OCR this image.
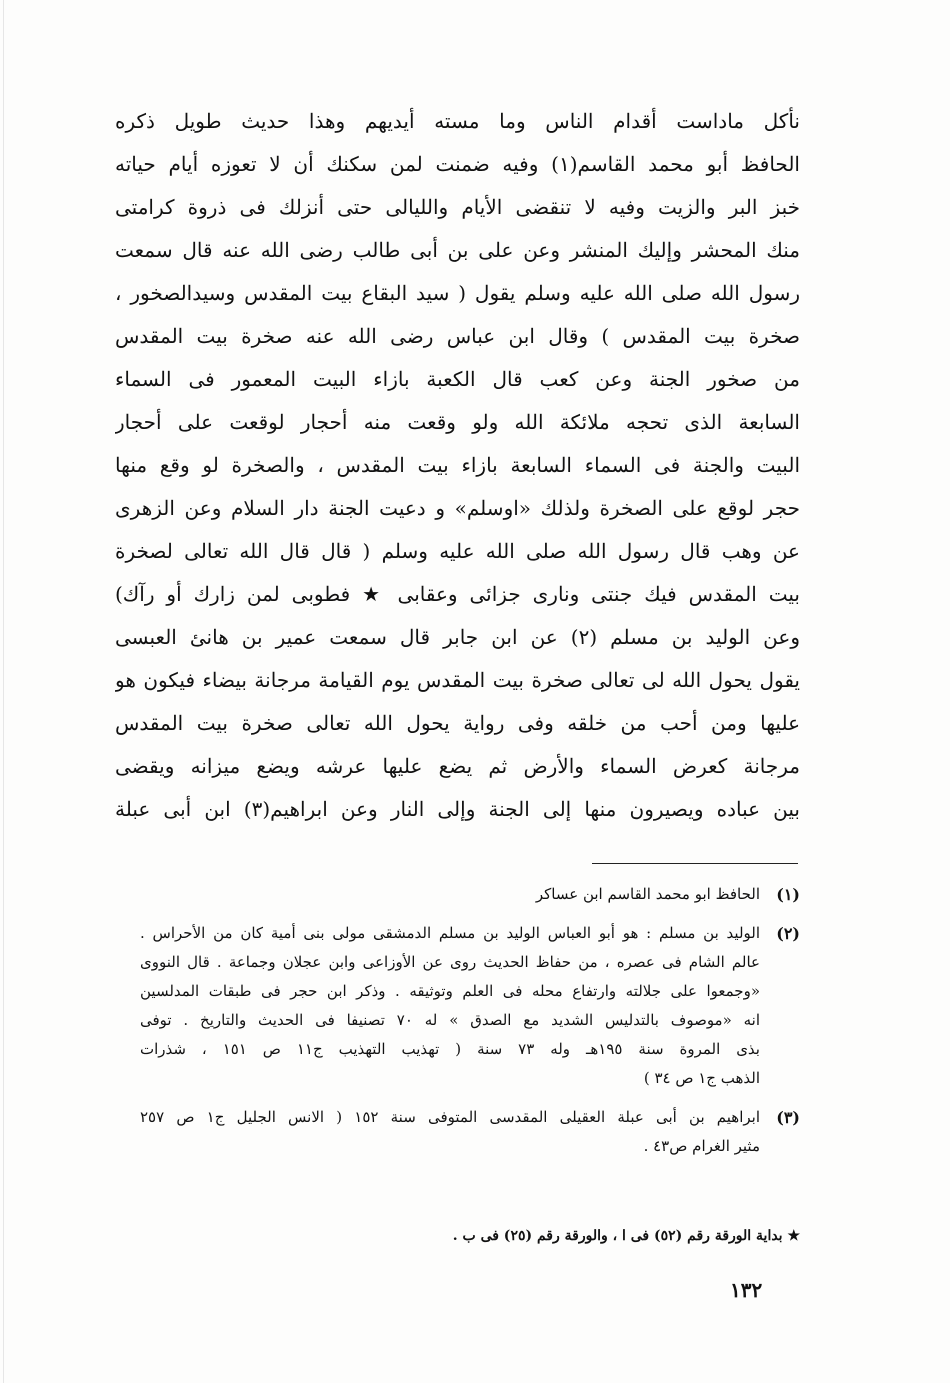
نأكل ماداست أقدام الناس وما مسته أيديهم وهذا حديث طويل ذكره
الحافظ أبو محمد القاسم(١) وفيه ضمنت لمن سكنك أن لا تعوزه أيام حياته
خبز البر والزيت وفيه لا تنقضى الأيام والليالى حتى أنزلك فى ذروة كرامتى
منك المحشر وإليك المنشر وعن على بن أبى طالب رضى الله عنه قال سمعت
رسول الله صلى الله عليه وسلم يقول ( سيد البقاع بيت المقدس وسيدالصخور ،
صخرة بيت المقدس ) وقال ابن عباس رضى الله عنه صخرة بيت المقدس
من صخور الجنة وعن كعب قال الكعبة بازاء البيت المعمور فى السماء
السابعة الذى تحجه ملائكة الله ولو وقعت منه أحجار لوقعت على أحجار
البيت والجنة فى السماء السابعة بازاء بيت المقدس ، والصخرة لو وقع منها
حجر لوقع على الصخرة ولذلك «اوسلم» و دعيت الجنة دار السلام وعن الزهرى
عن وهب قال رسول الله صلى الله عليه وسلم ( قال قال الله تعالى لصخرة
بيت المقدس فيك جنتى ونارى جزائى وعقابى ★ فطوبى لمن زارك أو رآك)
وعن الوليد بن مسلم (٢) عن ابن جابر قال سمعت عمير بن هانئ العبسى
يقول يحول الله لى تعالى صخرة بيت المقدس يوم القيامة مرجانة بيضاء فيكون هو
عليها ومن أحب من خلقه وفى رواية يحول الله تعالى صخرة بيت المقدس
مرجانة كعرض السماء والأرض ثم يضع عليها عرشه ويضع ميزانه ويقضى
بين عباده ويصيرون منها إلى الجنة وإلى النار وعن ابراهيم(٣) ابن أبى عبلة
(١)
الحافظ ابو محمد القاسم ابن عساكر
(٢)
الوليد بن مسلم : هو أبو العباس الوليد بن مسلم الدمشقى مولى بنى أمية كان من الأحراس .
عالم الشام فى عصره ، من حفاظ الحديث روى عن الأوزاعى وابن عجلان وجماعة . قال النووى
«وجمعوا على جلالته وارتفاع محله فى العلم وتوثيقه . وذكر ابن حجر فى طبقات المدلسين
انه «موصوف بالتدليس الشديد مع الصدق » له ٧٠ تصنيفا فى الحديث والتاريخ . توفى
بذى المروة سنة ١٩٥هـ وله ٧٣ سنة ( تهذيب التهذيب ج١١ ص ١٥١ ، شذرات
الذهب ج١ ص ٣٤ )
(٣)
ابراهيم بن أبى عبلة العقيلى المقدسى المتوفى سنة ١٥٢ ( الانس الجليل ج١ ص ٢٥٧
مثير الغرام ص٤٣ .
★ بداية الورقة رقم (٥٢) فى ا ، والورقة رقم (٢٥) فى ب .
١٣٢
